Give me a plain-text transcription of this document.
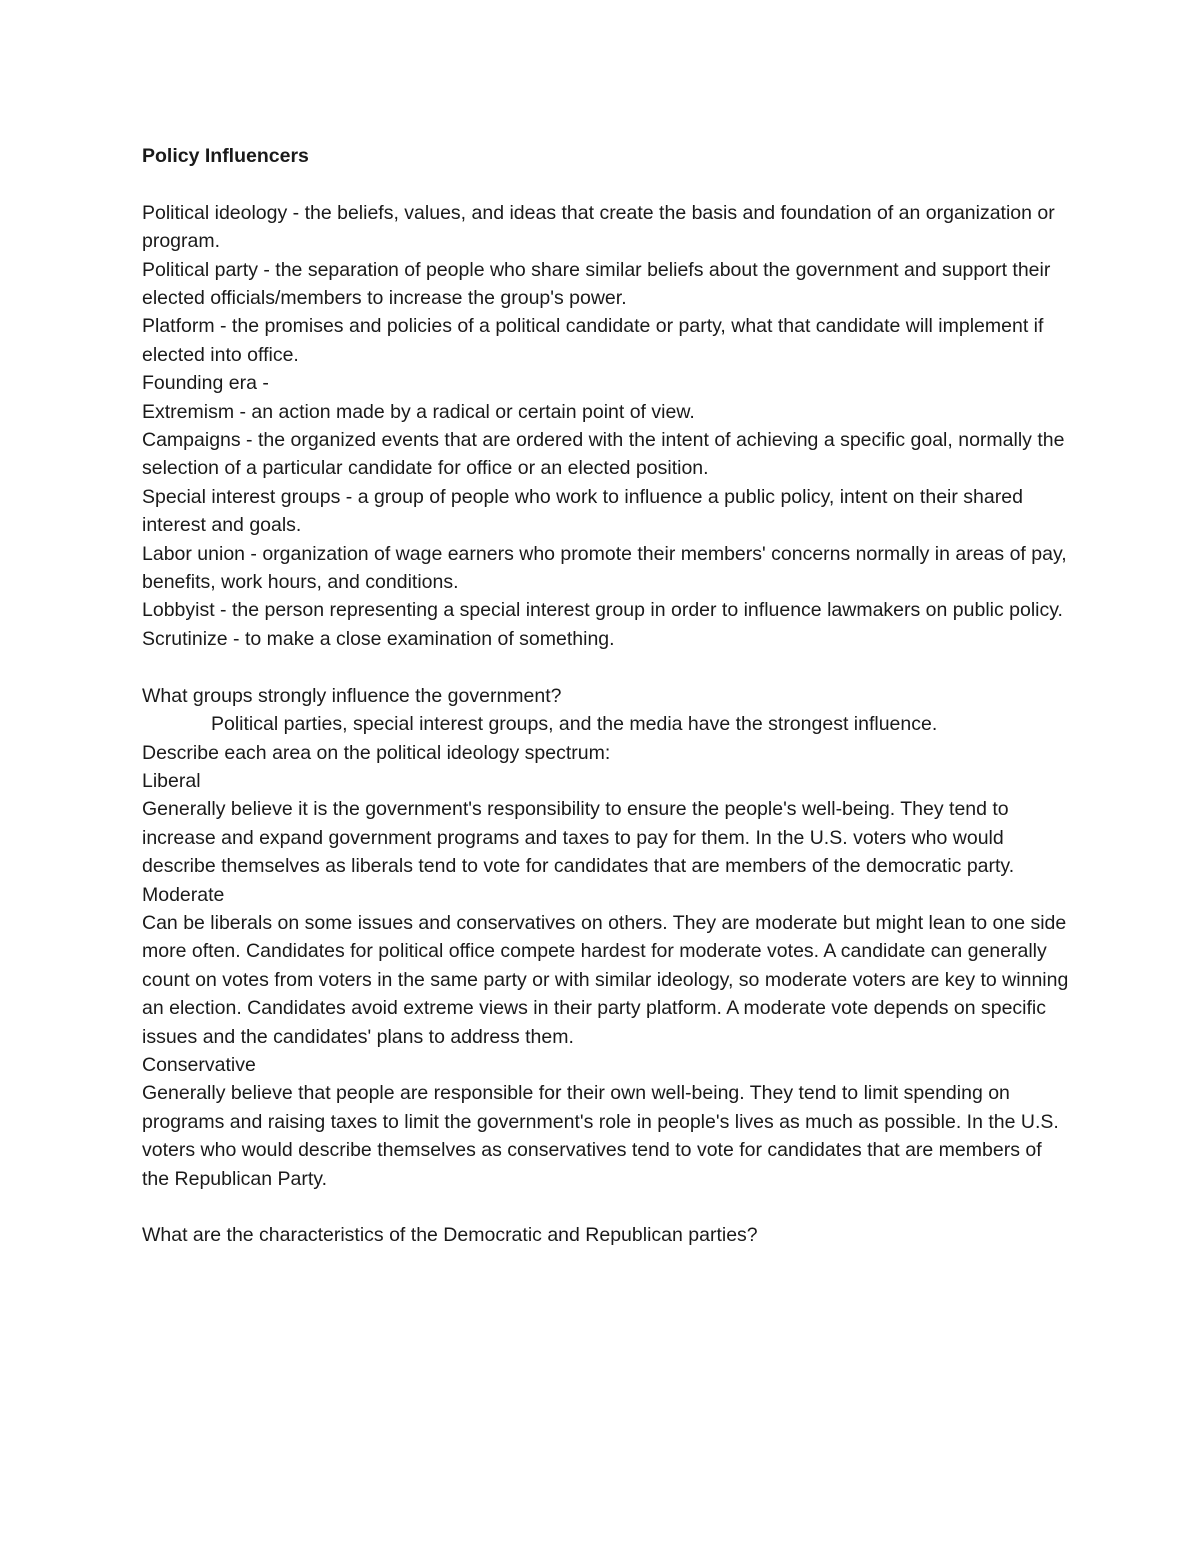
Policy Influencers

Political ideology - the beliefs, values, and ideas that create the basis and foundation of an organization or program.

Political party - the separation of people who share similar beliefs about the government and support their elected officials/members to increase the group's power.

Platform - the promises and policies of a political candidate or party, what that candidate will implement if elected into office.

Founding era -

Extremism - an action made by a radical or certain point of view.

Campaigns - the organized events that are ordered with the intent of achieving a specific goal, normally the selection of a particular candidate for office or an elected position.

Special interest groups - a group of people who work to influence a public policy, intent on their shared interest and goals.

Labor union - organization of wage earners who promote their members' concerns normally in areas of pay, benefits, work hours, and conditions.

Lobbyist - the person representing a special interest group in order to influence lawmakers on public policy.

Scrutinize - to make a close examination of something.

What groups strongly influence the government?

Political parties, special interest groups, and the media have the strongest influence.

Describe each area on the political ideology spectrum:

Liberal

Generally believe it is the government's responsibility to ensure the people's well-being. They tend to increase and expand government programs and taxes to pay for them. In the U.S. voters who would describe themselves as liberals tend to vote for candidates that are members of the democratic party.

Moderate

Can be liberals on some issues and conservatives on others. They are moderate but might lean to one side more often. Candidates for political office compete hardest for moderate votes. A candidate can generally count on votes from voters in the same party or with similar ideology, so moderate voters are key to winning an election. Candidates avoid extreme views in their party platform. A moderate vote depends on specific issues and the candidates' plans to address them.

Conservative

Generally believe that people are responsible for their own well-being. They tend to limit spending on programs and raising taxes to limit the government's role in people's lives as much as possible. In the U.S. voters who would describe themselves as conservatives tend to vote for candidates that are members of the Republican Party.

What are the characteristics of the Democratic and Republican parties?
